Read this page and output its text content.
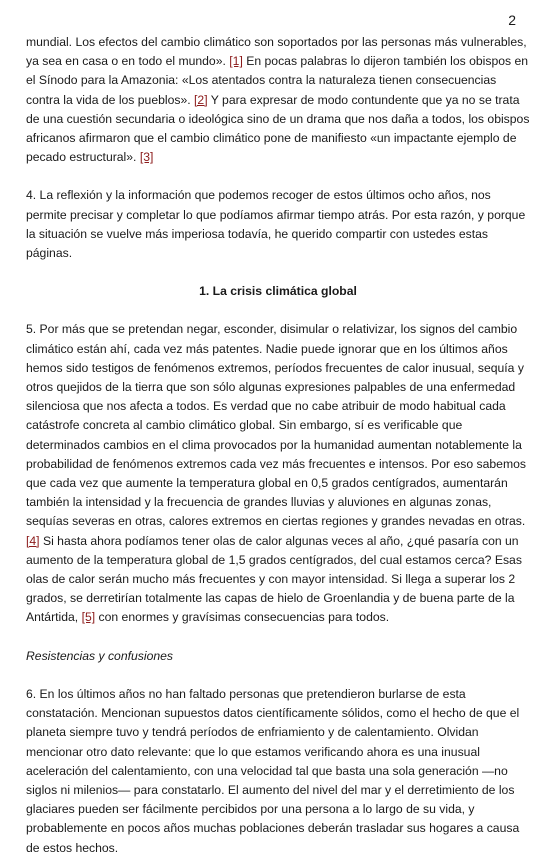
2

mundial. Los efectos del cambio climático son soportados por las personas más vulnerables, ya sea en casa o en todo el mundo». [1] En pocas palabras lo dijeron también los obispos en el Sínodo para la Amazonia: «Los atentados contra la naturaleza tienen consecuencias contra la vida de los pueblos». [2] Y para expresar de modo contundente que ya no se trata de una cuestión secundaria o ideológica sino de un drama que nos daña a todos, los obispos africanos afirmaron que el cambio climático pone de manifiesto «un impactante ejemplo de pecado estructural». [3]

4. La reflexión y la información que podemos recoger de estos últimos ocho años, nos permite precisar y completar lo que podíamos afirmar tiempo atrás. Por esta razón, y porque la situación se vuelve más imperiosa todavía, he querido compartir con ustedes estas páginas.

1. La crisis climática global

5. Por más que se pretendan negar, esconder, disimular o relativizar, los signos del cambio climático están ahí, cada vez más patentes. Nadie puede ignorar que en los últimos años hemos sido testigos de fenómenos extremos, períodos frecuentes de calor inusual, sequía y otros quejidos de la tierra que son sólo algunas expresiones palpables de una enfermedad silenciosa que nos afecta a todos. Es verdad que no cabe atribuir de modo habitual cada catástrofe concreta al cambio climático global. Sin embargo, sí es verificable que determinados cambios en el clima provocados por la humanidad aumentan notablemente la probabilidad de fenómenos extremos cada vez más frecuentes e intensos. Por eso sabemos que cada vez que aumente la temperatura global en 0,5 grados centígrados, aumentarán también la intensidad y la frecuencia de grandes lluvias y aluviones en algunas zonas, sequías severas en otras, calores extremos en ciertas regiones y grandes nevadas en otras. [4] Si hasta ahora podíamos tener olas de calor algunas veces al año, ¿qué pasaría con un aumento de la temperatura global de 1,5 grados centígrados, del cual estamos cerca? Esas olas de calor serán mucho más frecuentes y con mayor intensidad. Si llega a superar los 2 grados, se derretirían totalmente las capas de hielo de Groenlandia y de buena parte de la Antártida, [5] con enormes y gravísimas consecuencias para todos.

Resistencias y confusiones

6. En los últimos años no han faltado personas que pretendieron burlarse de esta constatación. Mencionan supuestos datos científicamente sólidos, como el hecho de que el planeta siempre tuvo y tendrá períodos de enfriamiento y de calentamiento. Olvidan mencionar otro dato relevante: que lo que estamos verificando ahora es una inusual aceleración del calentamiento, con una velocidad tal que basta una sola generación —no siglos ni milenios— para constatarlo. El aumento del nivel del mar y el derretimiento de los glaciares pueden ser fácilmente percibidos por una persona a lo largo de su vida, y probablemente en pocos años muchas poblaciones deberán trasladar sus hogares a causa de estos hechos.
